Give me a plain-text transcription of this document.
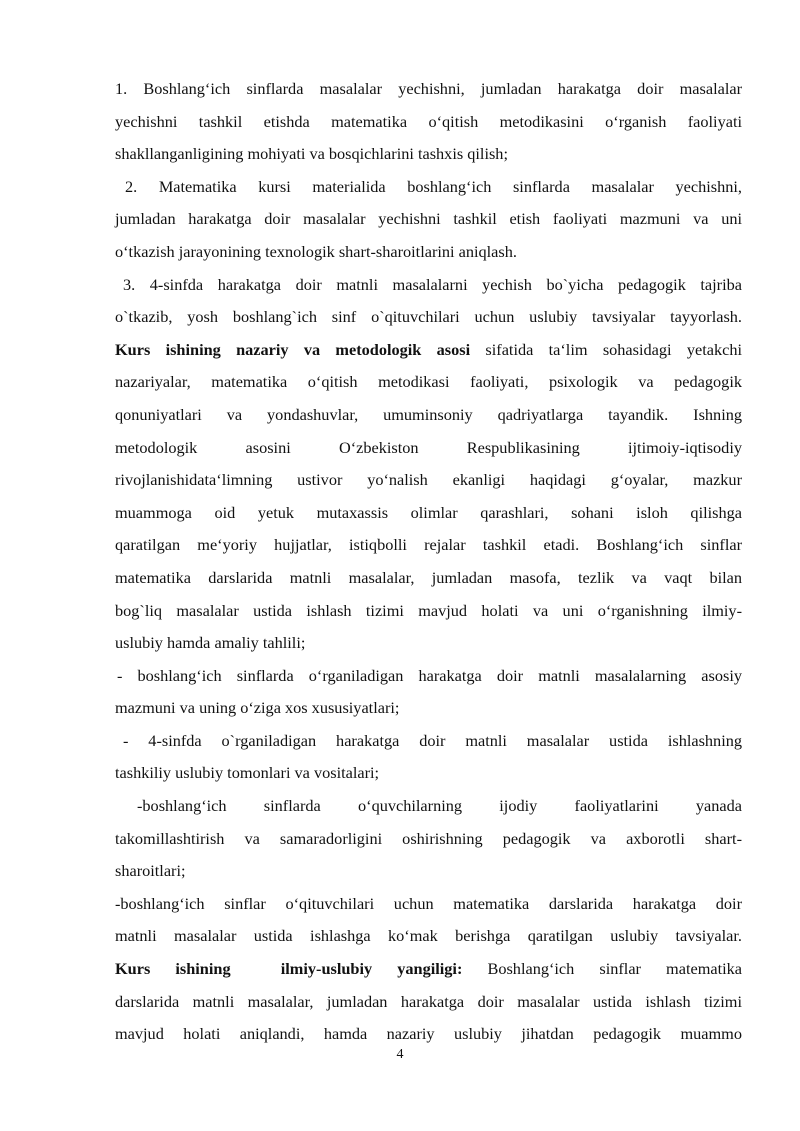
1. Boshlang‘ich sinflarda masalalar yechishni, jumladan harakatga doir masalalar
yechishni tashkil etishda matematika o‘qitish metodikasini o‘rganish faoliyati
shakllanganligining mohiyati va bosqichlarini tashxis qilish;
2. Matematika kursi materialida boshlang‘ich sinflarda masalalar yechishni,
jumladan harakatga doir masalalar yechishni tashkil etish faoliyati mazmuni va uni
o‘tkazish jarayonining texnologik shart-sharoitlarini aniqlash.
3. 4-sinfda harakatga doir matnli masalalarni yechish bo`yicha pedagogik tajriba
o`tkazib, yosh boshlang`ich sinf o`qituvchilari uchun uslubiy tavsiyalar tayyorlash.
Kurs ishining nazariy va metodologik asosi sifatida ta‘lim sohasidagi yetakchi
nazariyalar, matematika o‘qitish metodikasi faoliyati, psixologik va pedagogik
qonuniyatlari va yondashuvlar, umuminsoniy qadriyatlarga tayandik. Ishning
metodologik asosini O‘zbekiston Respublikasining ijtimoiy-iqtisodiy
rivojlanishidata‘limning ustivor yo‘nalish ekanligi haqidagi g‘oyalar, mazkur
muammoga oid yetuk mutaxassis olimlar qarashlari, sohani isloh qilishga
qaratilgan me‘yoriy hujjatlar, istiqbolli rejalar tashkil etadi. Boshlang‘ich sinflar
matematika darslarida matnli masalalar, jumladan masofa, tezlik va vaqt bilan
bog`liq masalalar ustida ishlash tizimi mavjud holati va uni o‘rganishning ilmiy-
uslubiy hamda amaliy tahlili;
- boshlang‘ich sinflarda o‘rganiladigan harakatga doir matnli masalalarning asosiy
mazmuni va uning o‘ziga xos xususiyatlari;
- 4-sinfda o`rganiladigan harakatga doir matnli masalalar ustida ishlashning
tashkiliy uslubiy tomonlari va vositalari;
-boshlang‘ich sinflarda o‘quvchilarning ijodiy faoliyatlarini yanada
takomillashtirish va samaradorligini oshirishning pedagogik va axborotli shart-
sharoitlari;
-boshlang‘ich sinflar o‘qituvchilari uchun matematika darslarida harakatga doir
matnli masalalar ustida ishlashga ko‘mak berishga qaratilgan uslubiy tavsiyalar.
Kurs ishining  ilmiy-uslubiy yangiligi: Boshlang‘ich sinflar matematika
darslarida matnli masalalar, jumladan harakatga doir masalalar ustida ishlash tizimi
mavjud holati aniqlandi, hamda nazariy uslubiy jihatdan pedagogik muammo
4
